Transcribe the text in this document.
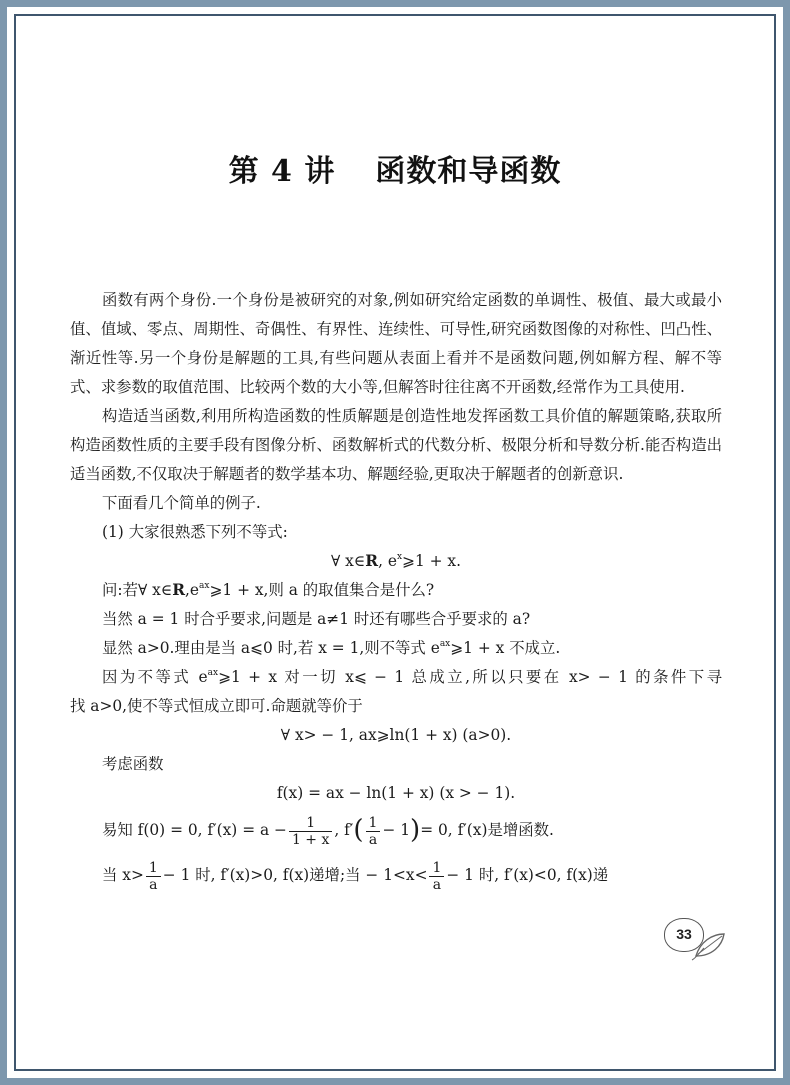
第 4 讲 函数和导函数

函数有两个身份.一个身份是被研究的对象,例如研究给定函数的单调性、极值、最大或最小值、值域、零点、周期性、奇偶性、有界性、连续性、可导性,研究函数图像的对称性、凹凸性、渐近性等.另一个身份是解题的工具,有些问题从表面上看并不是函数问题,例如解方程、解不等式、求参数的取值范围、比较两个数的大小等,但解答时往往离不开函数,经常作为工具使用.

构造适当函数,利用所构造函数的性质解题是创造性地发挥函数工具价值的解题策略,获取所构造函数性质的主要手段有图像分析、函数解析式的代数分析、极限分析和导数分析.能否构造出适当函数,不仅取决于解题者的数学基本功、解题经验,更取决于解题者的创新意识.

下面看几个简单的例子.

(1) 大家很熟悉下列不等式:

∀ x∈R, $e^x⩾1 + x$.

问:若∀ $x\in R,e^{ax}⩾1 + x$,则 a 的取值集合是什么?

当然 a = 1 时合乎要求,问题是 a≠1 时还有哪些合乎要求的 a?

显然 a>0.理由是当 a⩽0 时,若 x = 1,则不等式 $e^{ax}⩾1 + x$ 不成立.

因为不等式 $e^{ax}⩾1 + x$ 对一切 x⩽ − 1 总成立,所以只要在 x> − 1 的条件下寻

找 a>0,使不等式恒成立即可.命题就等价于

∀ x> − 1, ax⩾ln(1 + x) (a>0).

考虑函数

f(x) = ax − ln(1 + x) (x > − 1).

易知 f(0) = 0, $f'(x) = a - \frac{1}{1 + x}$ , $f'( \frac{1}{a} - 1)= 0$, f′(x)是增函数.

当 $x> \frac{1}{a} - 1$ 时, f′(x)>0, f(x)递增;当 − $1<x< \frac{1}{a} - 1$ 时, f′(x)<0, f(x)递

33
